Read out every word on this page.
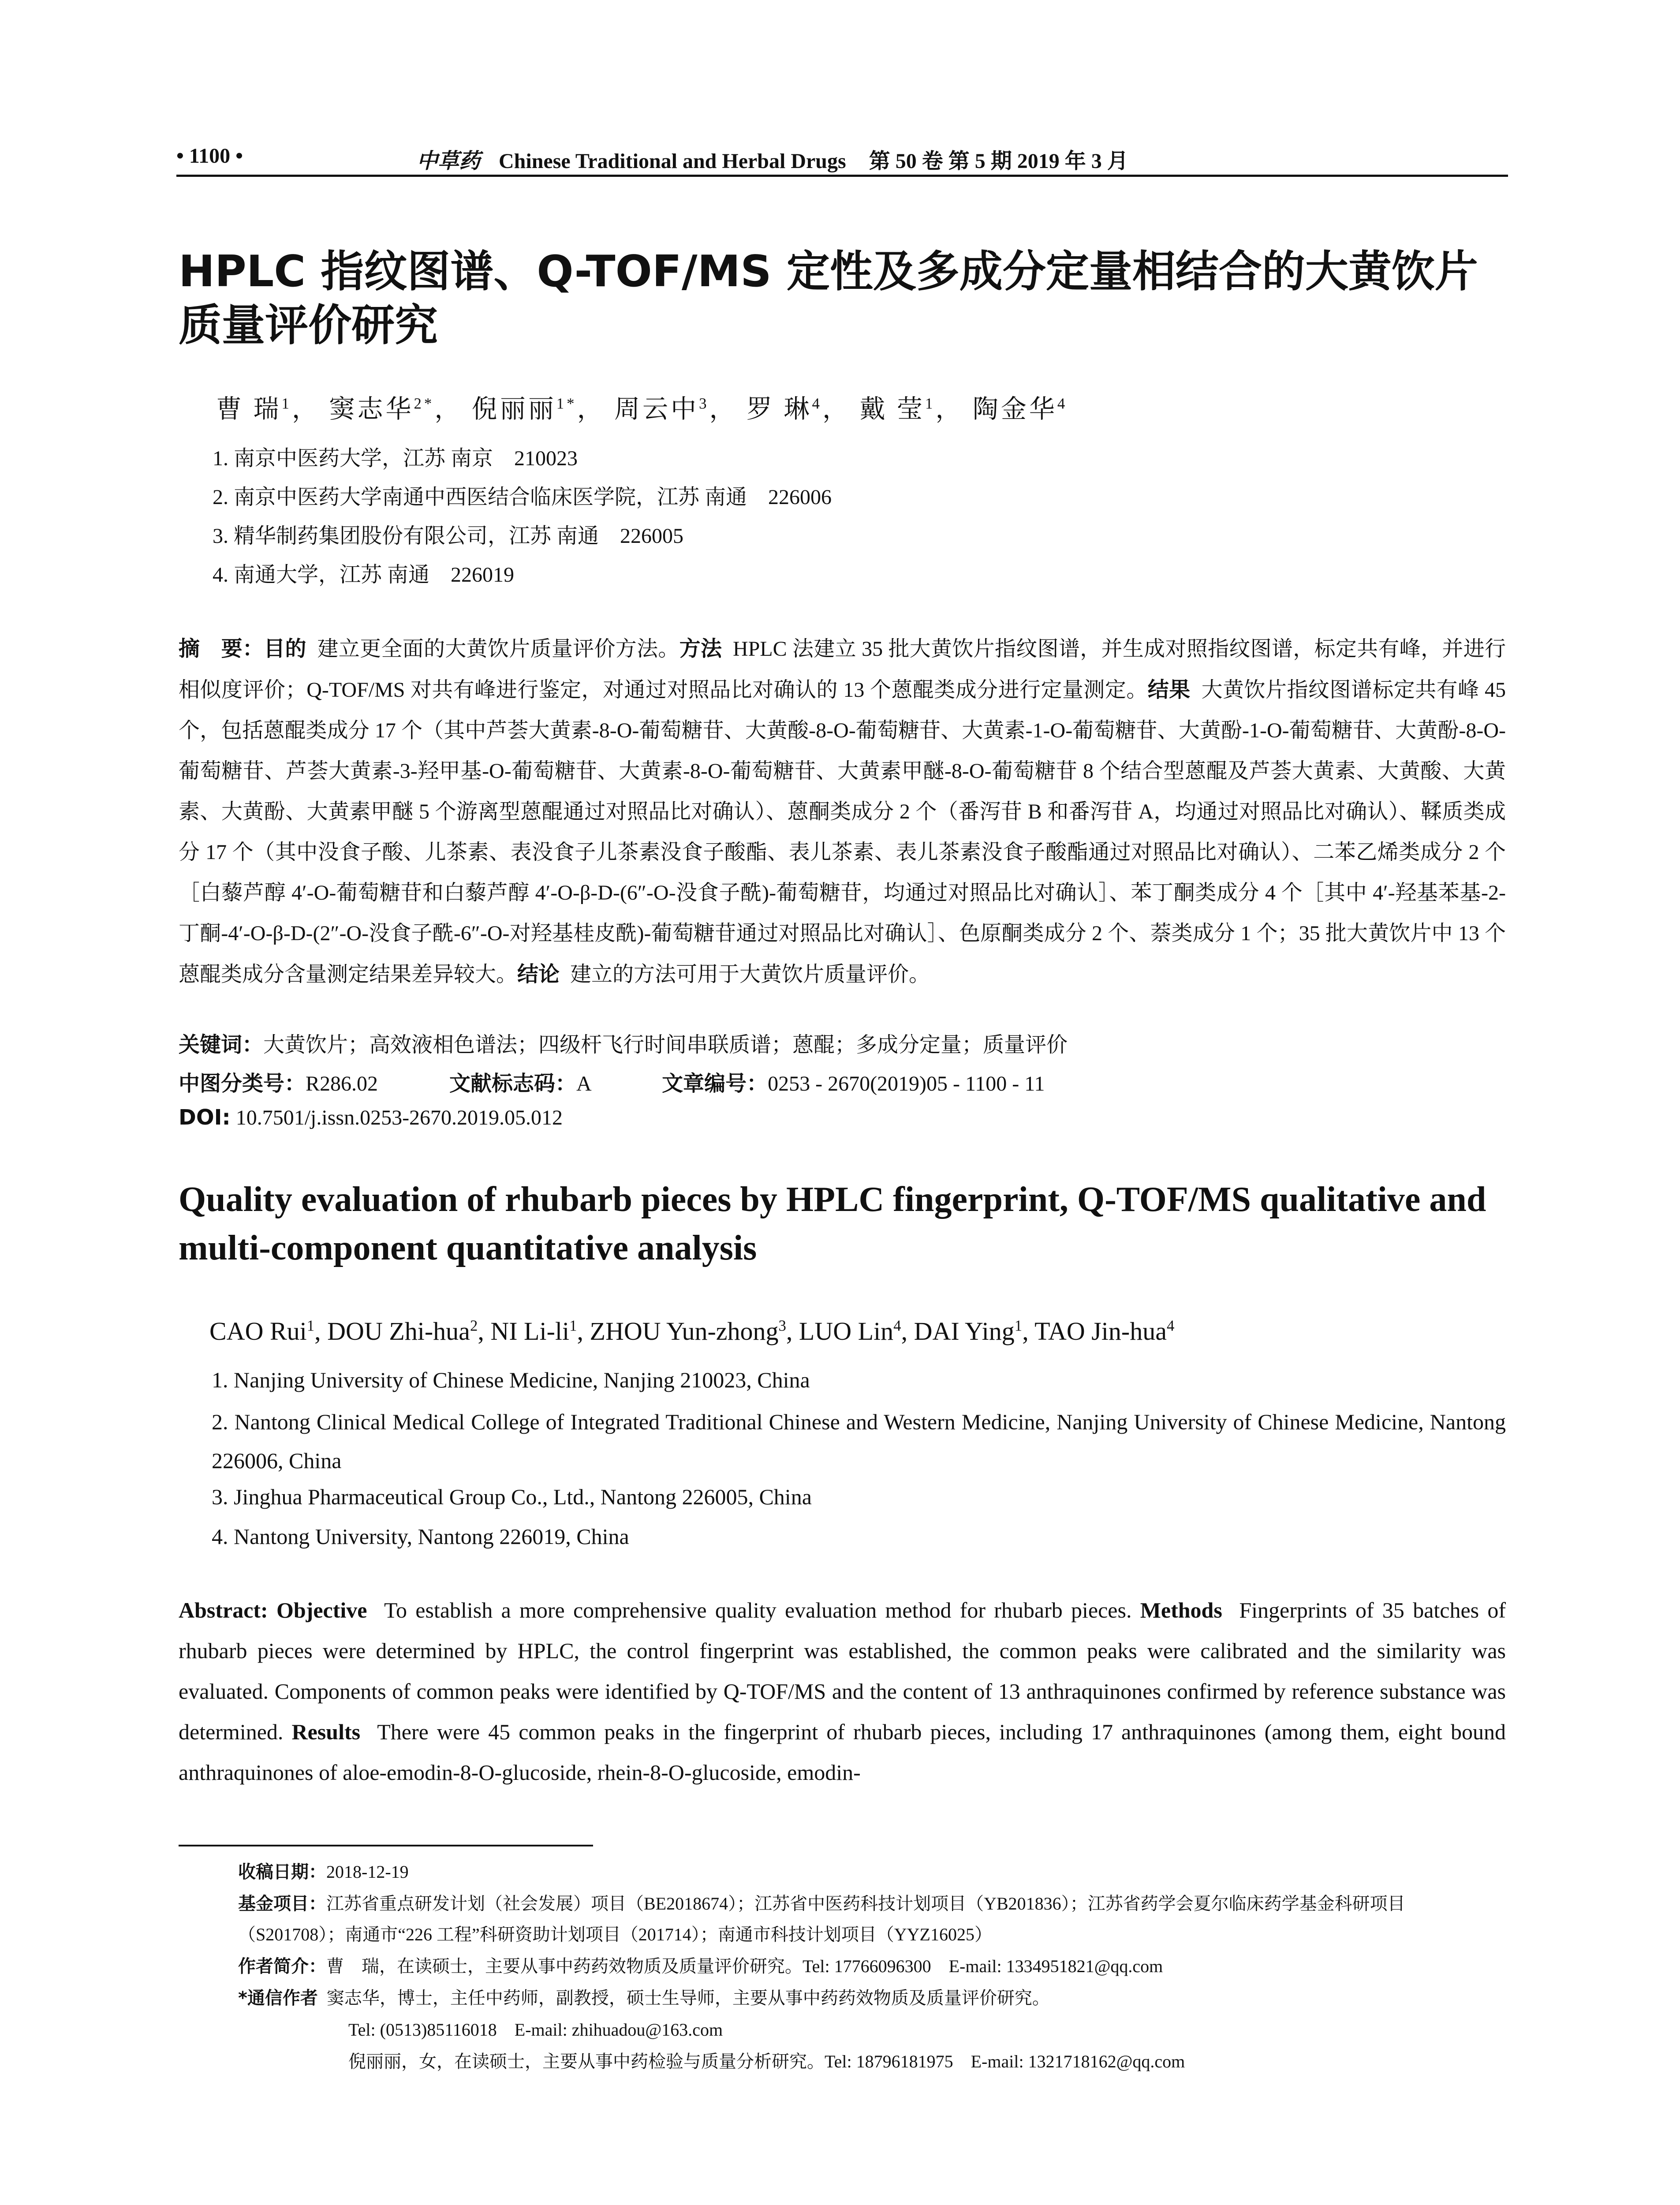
• 1100 •	中草药 Chinese Traditional and Herbal Drugs 第 50 卷 第 5 期 2019 年 3 月
HPLC 指纹图谱、Q-TOF/MS 定性及多成分定量相结合的大黄饮片质量评价研究
曹 瑞$^1$， 窦志华$^{2*}$， 倪丽丽$^{1*}$， 周云中$^3$， 罗 琳$^4$， 戴 莹$^1$， 陶金华$^4$
1. 南京中医药大学，江苏 南京　210023
2. 南京中医药大学南通中西医结合临床医学院，江苏 南通　226006
3. 精华制药集团股份有限公司，江苏 南通　226005
4. 南通大学，江苏 南通　226019
摘　要：目的 建立更全面的大黄饮片质量评价方法。方法 HPLC 法建立 35 批大黄饮片指纹图谱，并生成对照指纹图谱，标定共有峰，并进行相似度评价；Q-TOF/MS 对共有峰进行鉴定，对通过对照品比对确认的 13 个蒽醌类成分进行定量测定。结果 大黄饮片指纹图谱标定共有峰 45 个，包括蒽醌类成分 17 个（其中芦荟大黄素-8-O-葡萄糖苷、大黄酸-8-O-葡萄糖苷、大黄素-1-O-葡萄糖苷、大黄酚-1-O-葡萄糖苷、大黄酚-8-O-葡萄糖苷、芦荟大黄素-3-羟甲基-O-葡萄糖苷、大黄素-8-O-葡萄糖苷、大黄素甲醚-8-O-葡萄糖苷 8 个结合型蒽醌及芦荟大黄素、大黄酸、大黄素、大黄酚、大黄素甲醚 5 个游离型蒽醌通过对照品比对确认）、蒽酮类成分 2 个（番泻苷 B 和番泻苷 A，均通过对照品比对确认）、鞣质类成分 17 个（其中没食子酸、儿茶素、表没食子儿茶素没食子酸酯、表儿茶素、表儿茶素没食子酸酯通过对照品比对确认）、二苯乙烯类成分 2 个［白藜芦醇 4′-O-葡萄糖苷和白藜芦醇 4′-O-β-D-(6″-O-没食子酰)-葡萄糖苷，均通过对照品比对确认］、苯丁酮类成分 4 个［其中 4′-羟基苯基-2-丁酮-4′-O-β-D-(2″-O-没食子酰-6″-O-对羟基桂皮酰)-葡萄糖苷通过对照品比对确认］、色原酮类成分 2 个、萘类成分 1 个；35 批大黄饮片中 13 个蒽醌类成分含量测定结果差异较大。结论 建立的方法可用于大黄饮片质量评价。
关键词：大黄饮片；高效液相色谱法；四级杆飞行时间串联质谱；蒽醌；多成分定量；质量评价
中图分类号：R286.02	文献标志码：A	文章编号：0253 - 2670(2019)05 - 1100 - 11
DOI: 10.7501/j.issn.0253-2670.2019.05.012
Quality evaluation of rhubarb pieces by HPLC fingerprint, Q-TOF/MS qualitative and multi-component quantitative analysis
CAO Rui$^1$, DOU Zhi-hua$^2$, NI $Li-li^1$, ZHOU Yun-zhong$^3$, LUO Lin$^4$, DAI Ying$^1$, TAO Jin-hua$^4$
1. Nanjing University of Chinese Medicine, Nanjing 210023, China
2. Nantong Clinical Medical College of Integrated Traditional Chinese and Western Medicine, Nanjing University of Chinese Medicine, Nantong 226006, China
3. Jinghua Pharmaceutical Group Co., Ltd., Nantong 226005, China
4. Nantong University, Nantong 226019, China
Abstract: Objective To establish a more comprehensive quality evaluation method for rhubarb pieces. Methods Fingerprints of 35 batches of rhubarb pieces were determined by HPLC, the control fingerprint was established, the common peaks were calibrated and the similarity was evaluated. Components of common peaks were identified by Q-TOF/MS and the content of 13 anthraquinones confirmed by reference substance was determined. Results There were 45 common peaks in the fingerprint of rhubarb pieces, including 17 anthraquinones (among them, eight bound anthraquinones of aloe-emodin-8-O-glucoside, rhein-8-O-glucoside, emodin-
收稿日期：2018-12-19
基金项目：江苏省重点研发计划（社会发展）项目（BE2018674）；江苏省中医药科技计划项目（YB201836）；江苏省药学会夏尔临床药学基金科研项目（S201708）；南通市“226 工程”科研资助计划项目（201714）；南通市科技计划项目（YYZ16025）
作者简介：曹　瑞，在读硕士，主要从事中药药效物质及质量评价研究。Tel: 17766096300　E-mail: 1334951821@qq.com
*通信作者 窦志华，博士，主任中药师，副教授，硕士生导师，主要从事中药药效物质及质量评价研究。
Tel: (0513)85116018　E-mail: zhihuadou@163.com
倪丽丽，女，在读硕士，主要从事中药检验与质量分析研究。Tel: 18796181975　E-mail: 1321718162@qq.com
